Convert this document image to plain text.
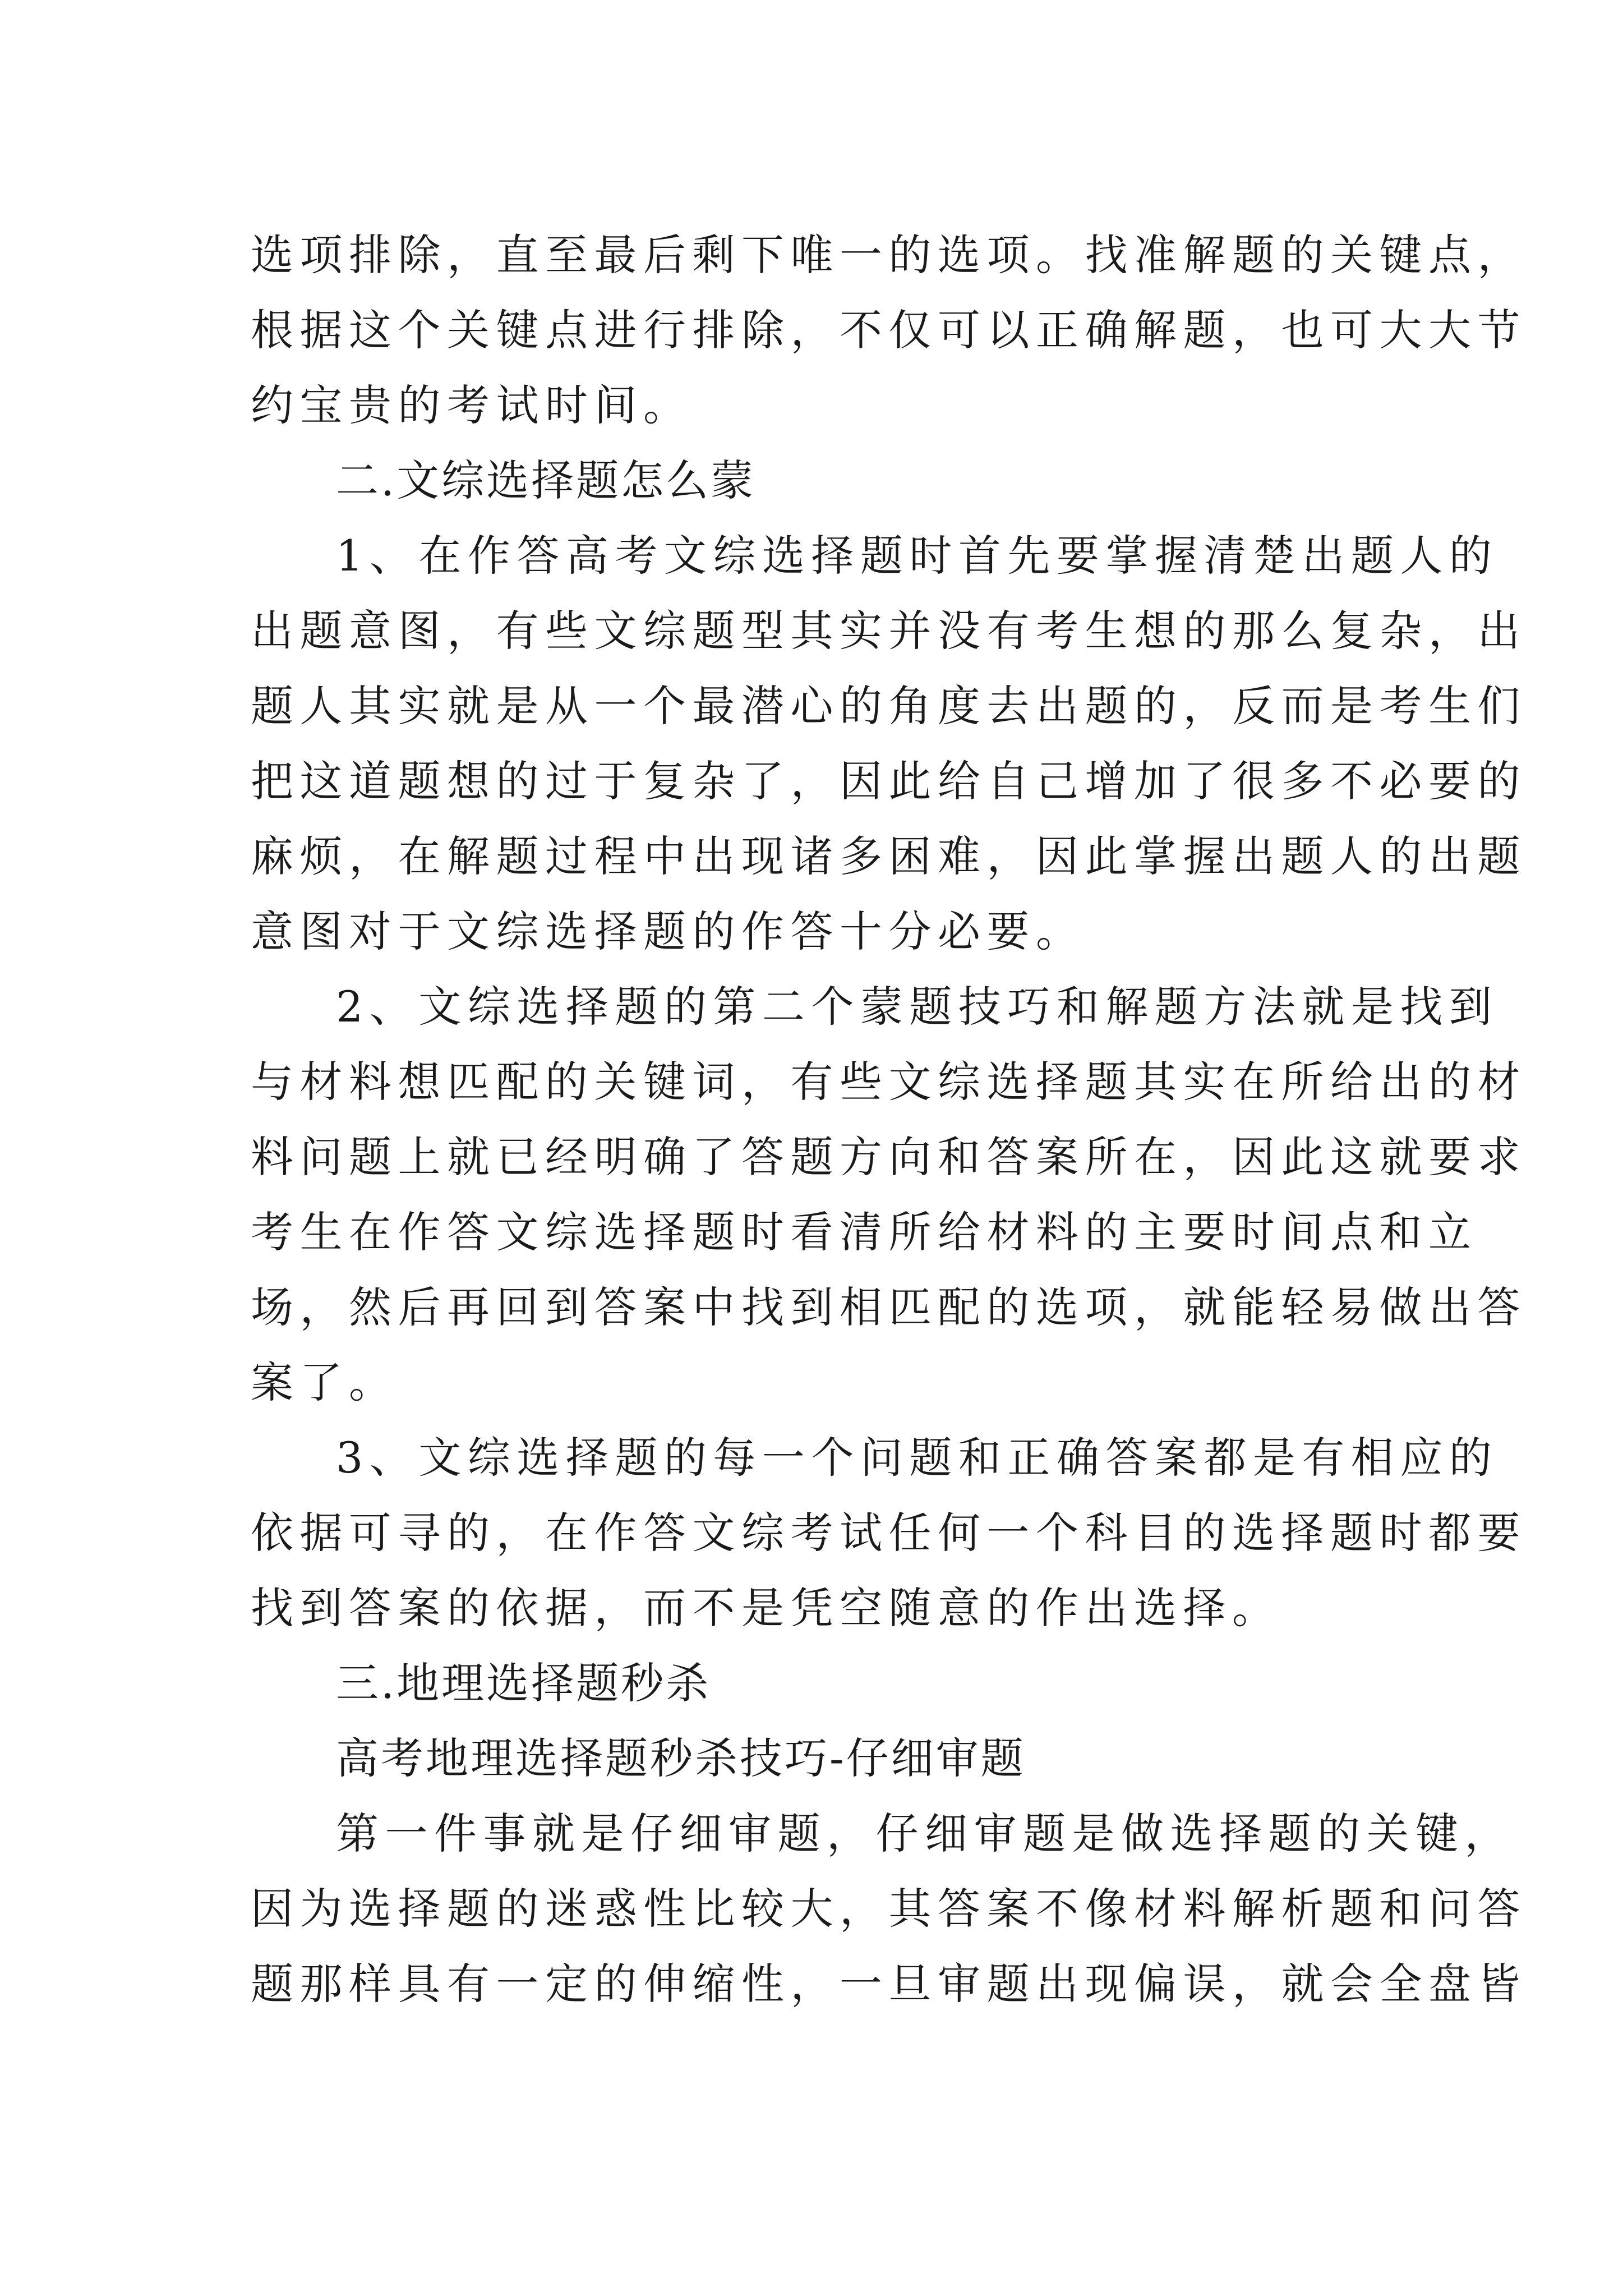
选项排除，直至最后剩下唯一的选项。找准解题的关键点，
根据这个关键点进行排除，不仅可以正确解题，也可大大节
约宝贵的考试时间。
二.文综选择题怎么蒙
1、在作答高考文综选择题时首先要掌握清楚出题人的
出题意图，有些文综题型其实并没有考生想的那么复杂，出
题人其实就是从一个最潜心的角度去出题的，反而是考生们
把这道题想的过于复杂了，因此给自己增加了很多不必要的
麻烦，在解题过程中出现诸多困难，因此掌握出题人的出题
意图对于文综选择题的作答十分必要。
2、文综选择题的第二个蒙题技巧和解题方法就是找到
与材料想匹配的关键词，有些文综选择题其实在所给出的材
料问题上就已经明确了答题方向和答案所在，因此这就要求
考生在作答文综选择题时看清所给材料的主要时间点和立
场，然后再回到答案中找到相匹配的选项，就能轻易做出答
案了。
3、文综选择题的每一个问题和正确答案都是有相应的
依据可寻的，在作答文综考试任何一个科目的选择题时都要
找到答案的依据，而不是凭空随意的作出选择。
三.地理选择题秒杀
高考地理选择题秒杀技巧-仔细审题
第一件事就是仔细审题，仔细审题是做选择题的关键，
因为选择题的迷惑性比较大，其答案不像材料解析题和问答
题那样具有一定的伸缩性，一旦审题出现偏误，就会全盘皆
